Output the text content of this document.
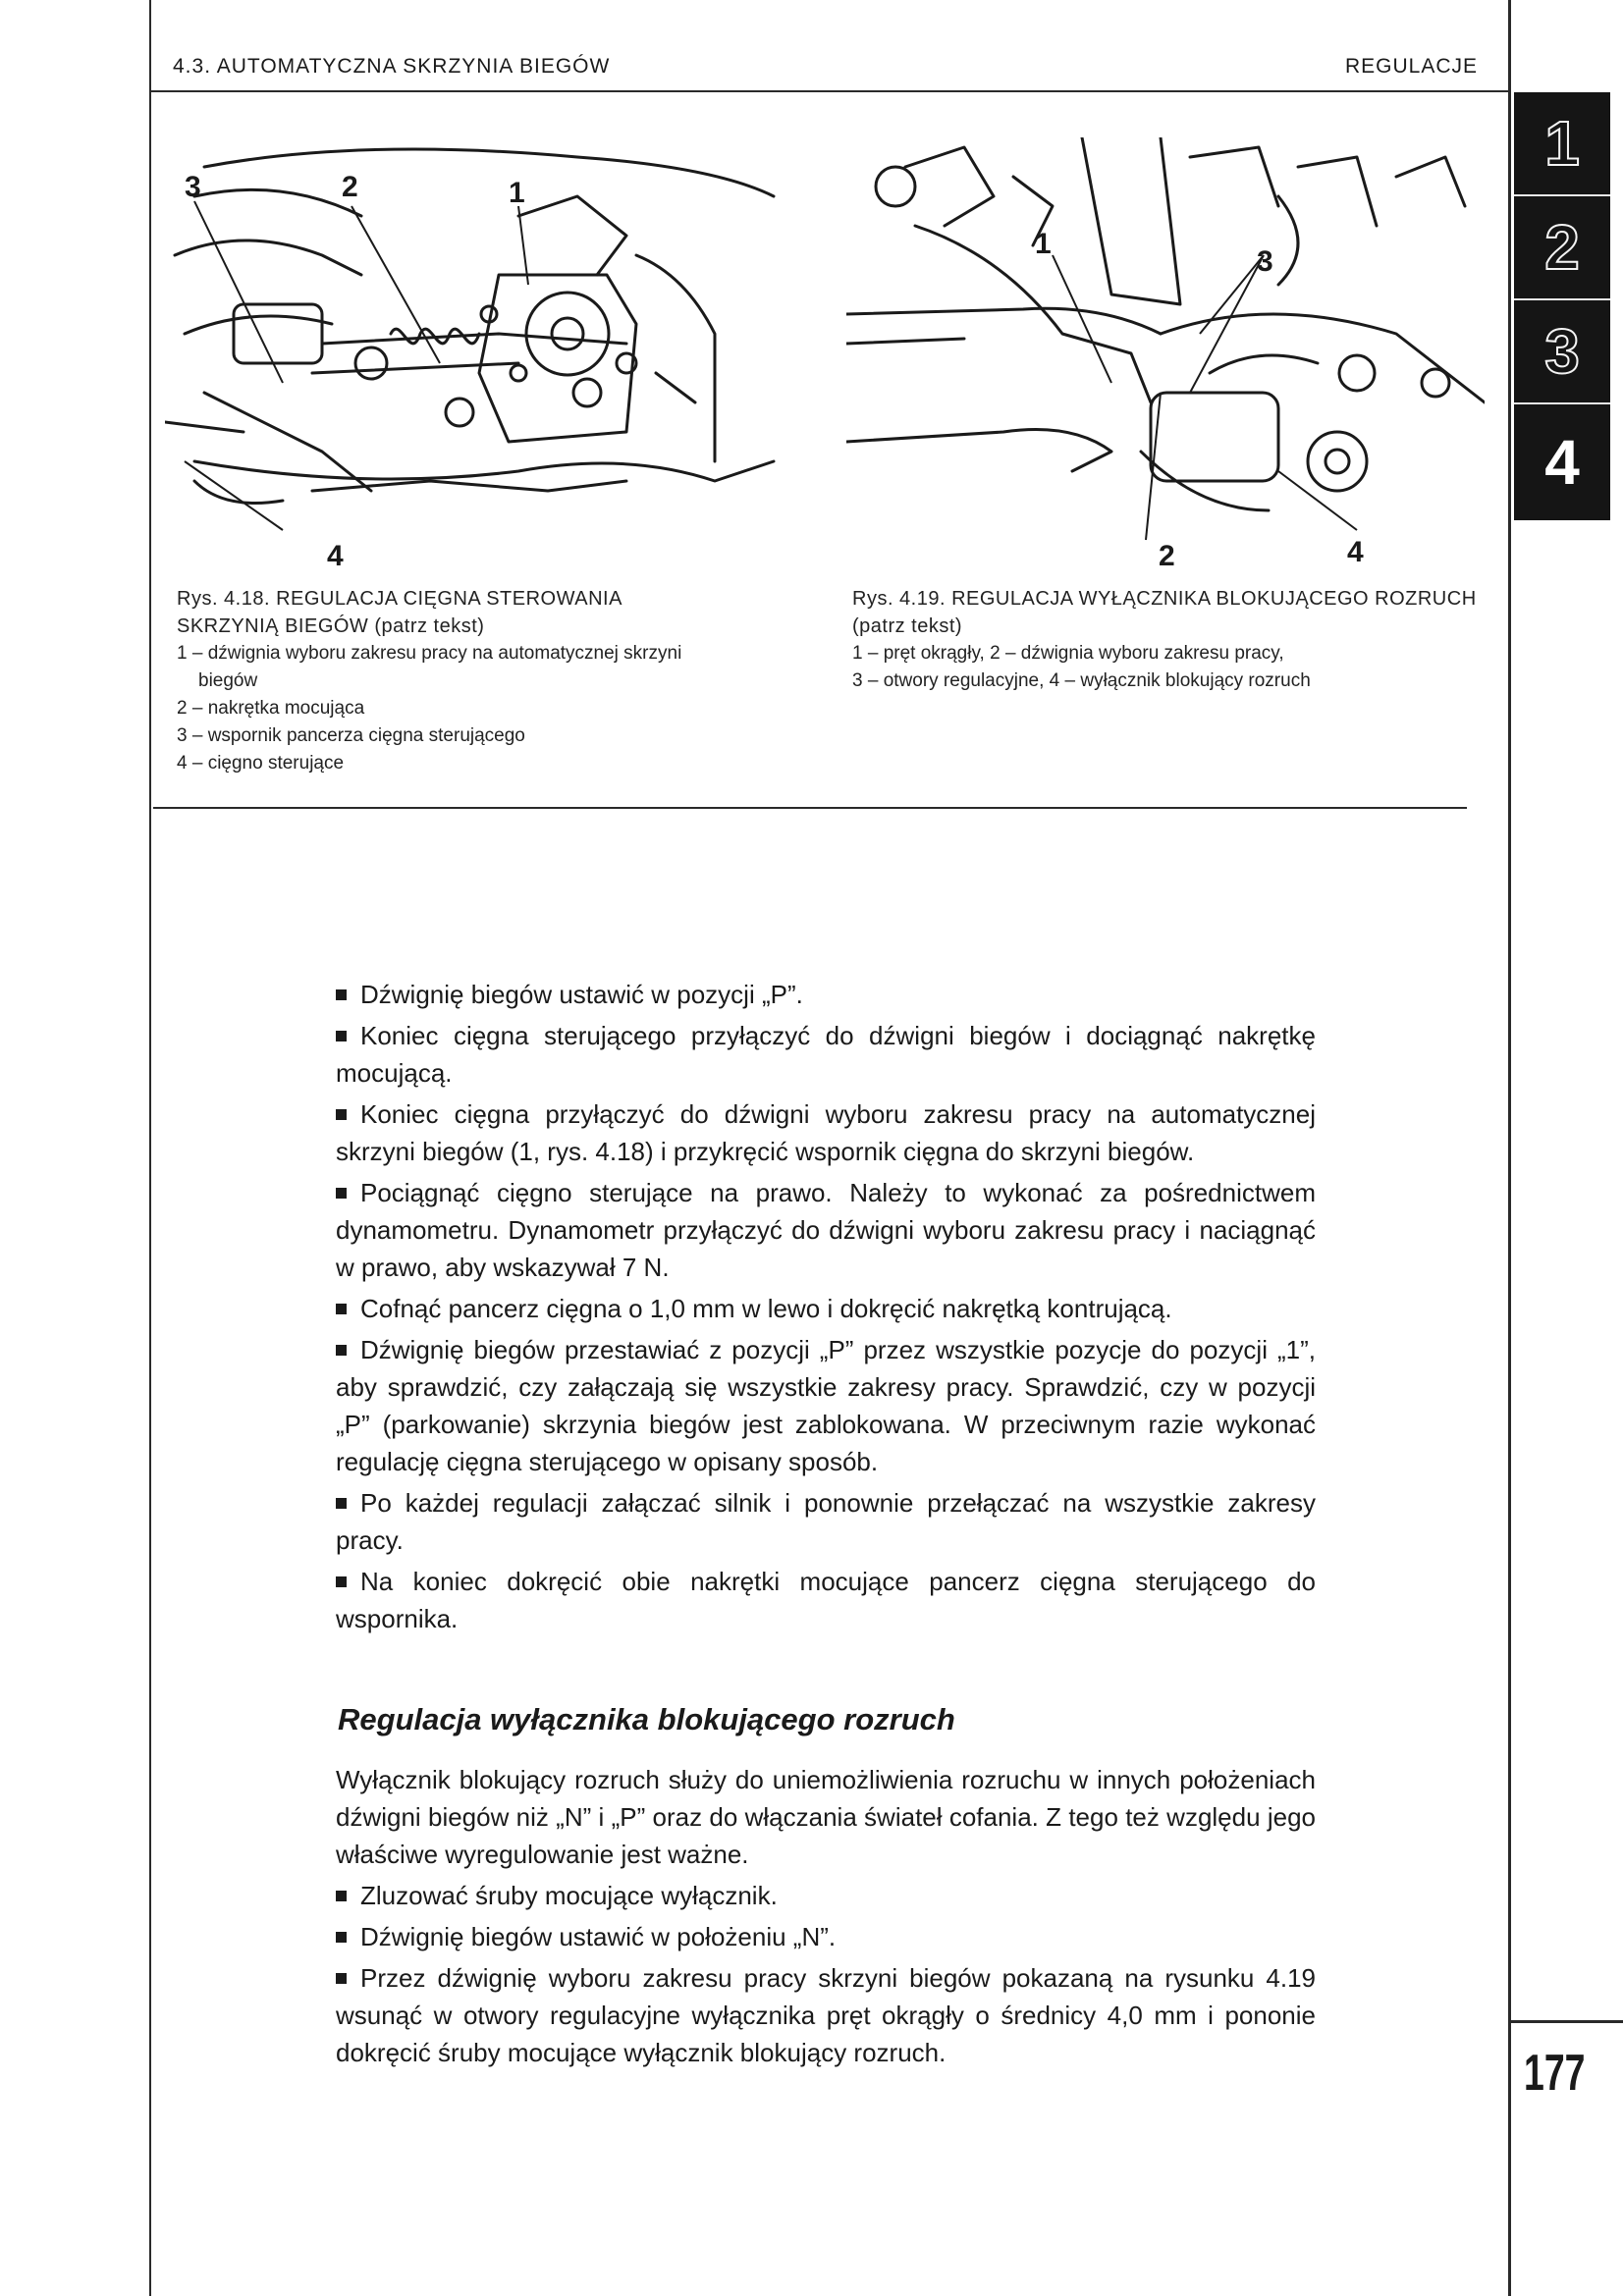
4.3. AUTOMATYCZNA SKRZYNIA BIEGÓW	REGULACJE
1
2
3
4
3	2	1
4
Rys. 4.18. REGULACJA CIĘGNA STEROWANIA SKRZYNIĄ BIEGÓW (patrz tekst)
1 – dźwignia wyboru zakresu pracy na automatycznej skrzyni biegów
2 – nakrętka mocująca
3 – wspornik pancerza cięgna sterującego
4 – cięgno sterujące
1
3
2	4
Rys. 4.19. REGULACJA WYŁĄCZNIKA BLOKUJĄCEGO ROZRUCH (patrz tekst)
1 – pręt okrągły, 2 – dźwignia wyboru zakresu pracy,
3 – otwory regulacyjne, 4 – wyłącznik blokujący rozruch

Dźwignię biegów ustawić w pozycji „P”.

Koniec cięgna sterującego przyłączyć do dźwigni biegów i dociągnąć nakrętkę mocującą.

Koniec cięgna przyłączyć do dźwigni wyboru zakresu pracy na automatycznej skrzyni biegów (1, rys. 4.18) i przykręcić wspornik cięgna do skrzyni biegów.

Pociągnąć cięgno sterujące na prawo. Należy to wykonać za pośrednictwem dynamometru. Dynamometr przyłączyć do dźwigni wyboru zakresu pracy i naciągnąć w prawo, aby wskazywał 7 N.

Cofnąć pancerz cięgna o 1,0 mm w lewo i dokręcić nakrętką kontrującą.

Dźwignię biegów przestawiać z pozycji „P” przez wszystkie pozycje do pozycji „1”, aby sprawdzić, czy załączają się wszystkie zakresy pracy. Sprawdzić, czy w pozycji „P” (parkowanie) skrzynia biegów jest zablokowana. W przeciwnym razie wykonać regulację cięgna sterującego w opisany sposób.

Po każdej regulacji załączać silnik i ponownie przełączać na wszystkie zakresy pracy.

Na koniec dokręcić obie nakrętki mocujące pancerz cięgna sterującego do wspornika.

Regulacja wyłącznika blokującego rozruch

Wyłącznik blokujący rozruch służy do uniemożliwienia rozruchu w innych położeniach dźwigni biegów niż „N” i „P” oraz do włączania świateł cofania. Z tego też względu jego właściwe wyregulowanie jest ważne.

Zluzować śruby mocujące wyłącznik.

Dźwignię biegów ustawić w położeniu „N”.

Przez dźwignię wyboru zakresu pracy skrzyni biegów pokazaną na rysunku 4.19 wsunąć w otwory regulacyjne wyłącznika pręt okrągły o średnicy 4,0 mm i pononie dokręcić śruby mocujące wyłącznik blokujący rozruch.	177
